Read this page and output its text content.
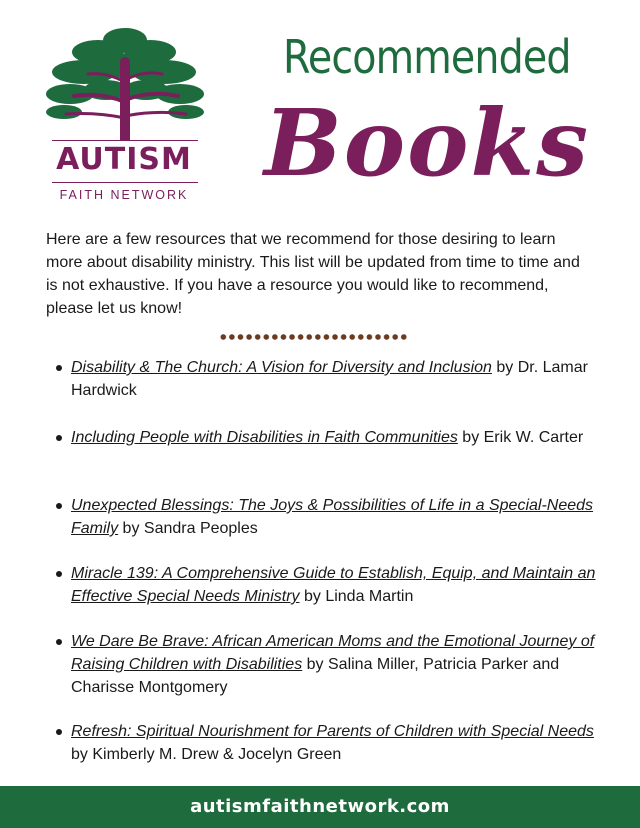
AUTISM
FAITH NETWORK
Recommended
Books

Here are a few resources that we recommend for those desiring to learn more about disability ministry. This list will be updated from time to time and is not exhaustive. If you have a resource you would like to recommend, please let us know!

Disability & The Church: A Vision for Diversity and Inclusion by Dr. Lamar Hardwick
Including People with Disabilities in Faith Communities by Erik W. Carter
Unexpected Blessings: The Joys & Possibilities of Life in a Special-Needs Family by Sandra Peoples
Miracle 139: A Comprehensive Guide to Establish, Equip, and Maintain an Effective Special Needs Ministry by Linda Martin
We Dare Be Brave: African American Moms and the Emotional Journey of Raising Children with Disabilities by Salina Miller, Patricia Parker and Charisse Montgomery
Refresh: Spiritual Nourishment for Parents of Children with Special Needs by Kimberly M. Drew & Jocelyn Green
autismfaithnetwork.com
